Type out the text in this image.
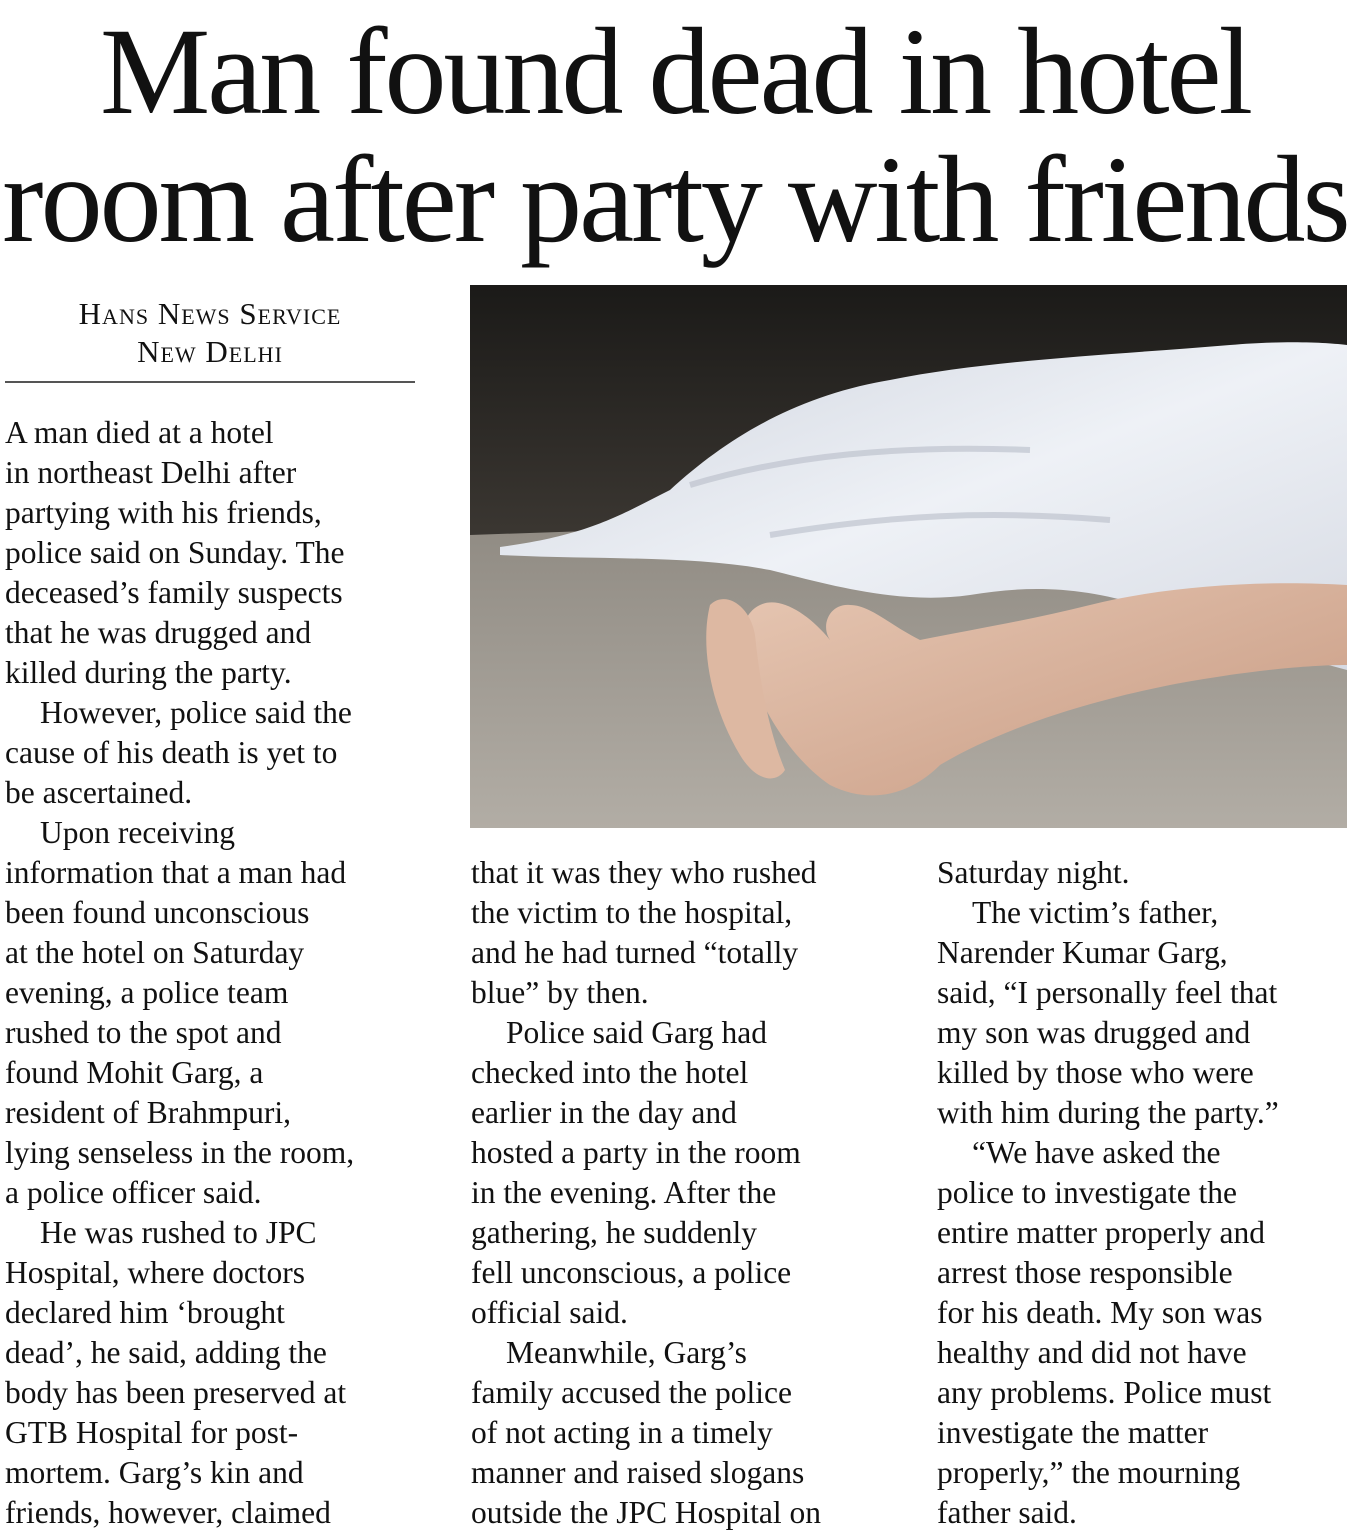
Man found dead in hotel
room after party with friends
Hans News Service
New Delhi

A man died at a hotel
in northeast Delhi after
partying with his friends,
police said on Sunday. The
deceased’s family suspects
that he was drugged and
killed during the party.

However, police said the
cause of his death is yet to
be ascertained.

Upon receiving
information that a man had
been found unconscious
at the hotel on Saturday
evening, a police team
rushed to the spot and
found Mohit Garg, a
resident of Brahmpuri,
lying senseless in the room,
a police officer said.

He was rushed to JPC
Hospital, where doctors
declared him ‘brought
dead’, he said, adding the
body has been preserved at
GTB Hospital for post-
mortem. Garg’s kin and
friends, however, claimed

that it was they who rushed
the victim to the hospital,
and he had turned “totally
blue” by then.

Police said Garg had
checked into the hotel
earlier in the day and
hosted a party in the room
in the evening. After the
gathering, he suddenly
fell unconscious, a police
official said.

Meanwhile, Garg’s
family accused the police
of not acting in a timely
manner and raised slogans
outside the JPC Hospital on

Saturday night.

The victim’s father,
Narender Kumar Garg,
said, “I personally feel that
my son was drugged and
killed by those who were
with him during the party.”

“We have asked the
police to investigate the
entire matter properly and
arrest those responsible
for his death. My son was
healthy and did not have
any problems. Police must
investigate the matter
properly,” the mourning
father said.
